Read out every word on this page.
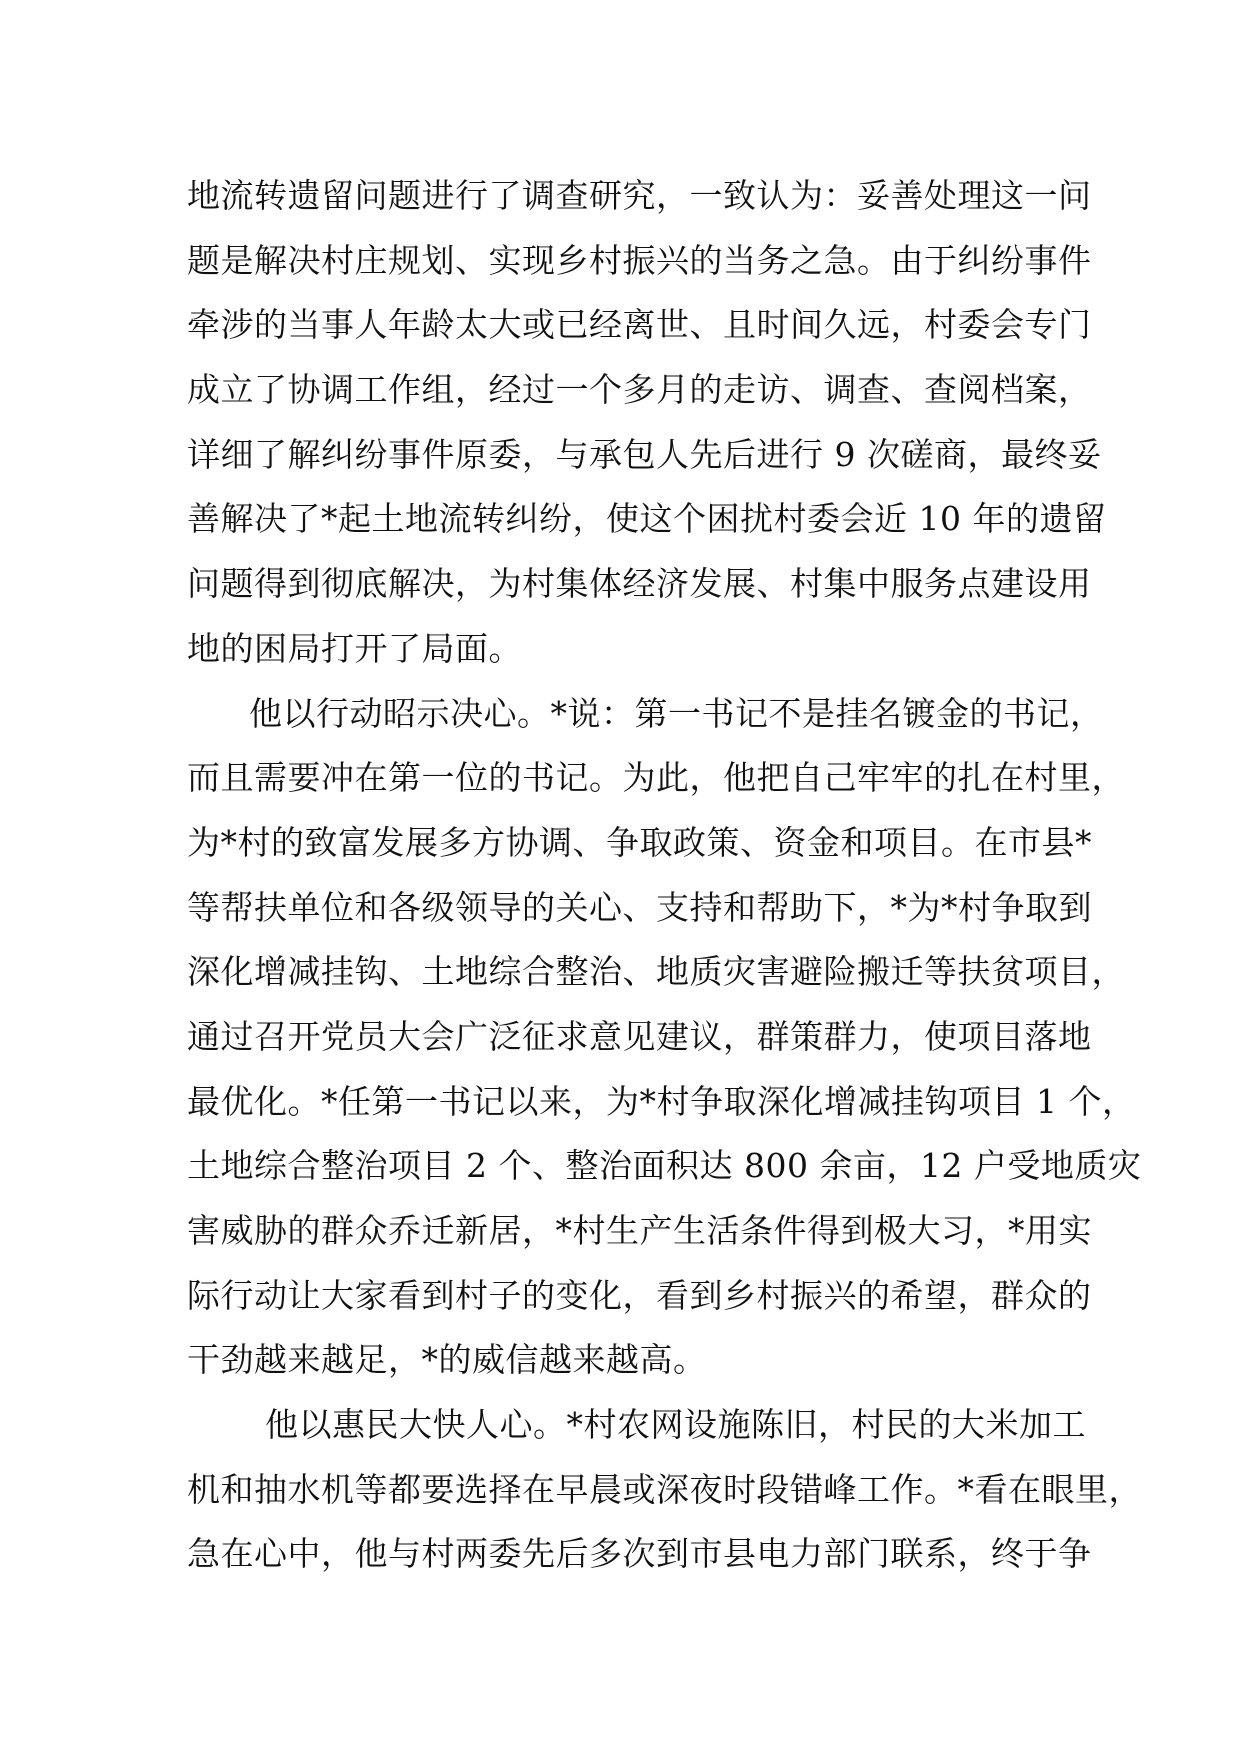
地流转遗留问题进行了调查研究，一致认为：妥善处理这一问
题是解决村庄规划、实现乡村振兴的当务之急。由于纠纷事件
牵涉的当事人年龄太大或已经离世、且时间久远，村委会专门
成立了协调工作组，经过一个多月的走访、调查、查阅档案，
详细了解纠纷事件原委，与承包人先后进行 9 次磋商，最终妥
善解决了*起土地流转纠纷，使这个困扰村委会近 10 年的遗留
问题得到彻底解决，为村集体经济发展、村集中服务点建设用
地的困局打开了局面。
他以行动昭示决心。*说：第一书记不是挂名镀金的书记，
而且需要冲在第一位的书记。为此，他把自己牢牢的扎在村里，
为*村的致富发展多方协调、争取政策、资金和项目。在市县*
等帮扶单位和各级领导的关心、支持和帮助下，*为*村争取到
深化增减挂钩、土地综合整治、地质灾害避险搬迁等扶贫项目，
通过召开党员大会广泛征求意见建议，群策群力，使项目落地
最优化。*任第一书记以来，为*村争取深化增减挂钩项目 1 个，
土地综合整治项目 2 个、整治面积达 800 余亩，12 户受地质灾
害威胁的群众乔迁新居，*村生产生活条件得到极大习，*用实
际行动让大家看到村子的变化，看到乡村振兴的希望，群众的
干劲越来越足，*的威信越来越高。
他以惠民大快人心。*村农网设施陈旧，村民的大米加工
机和抽水机等都要选择在早晨或深夜时段错峰工作。*看在眼里，
急在心中，他与村两委先后多次到市县电力部门联系，终于争
